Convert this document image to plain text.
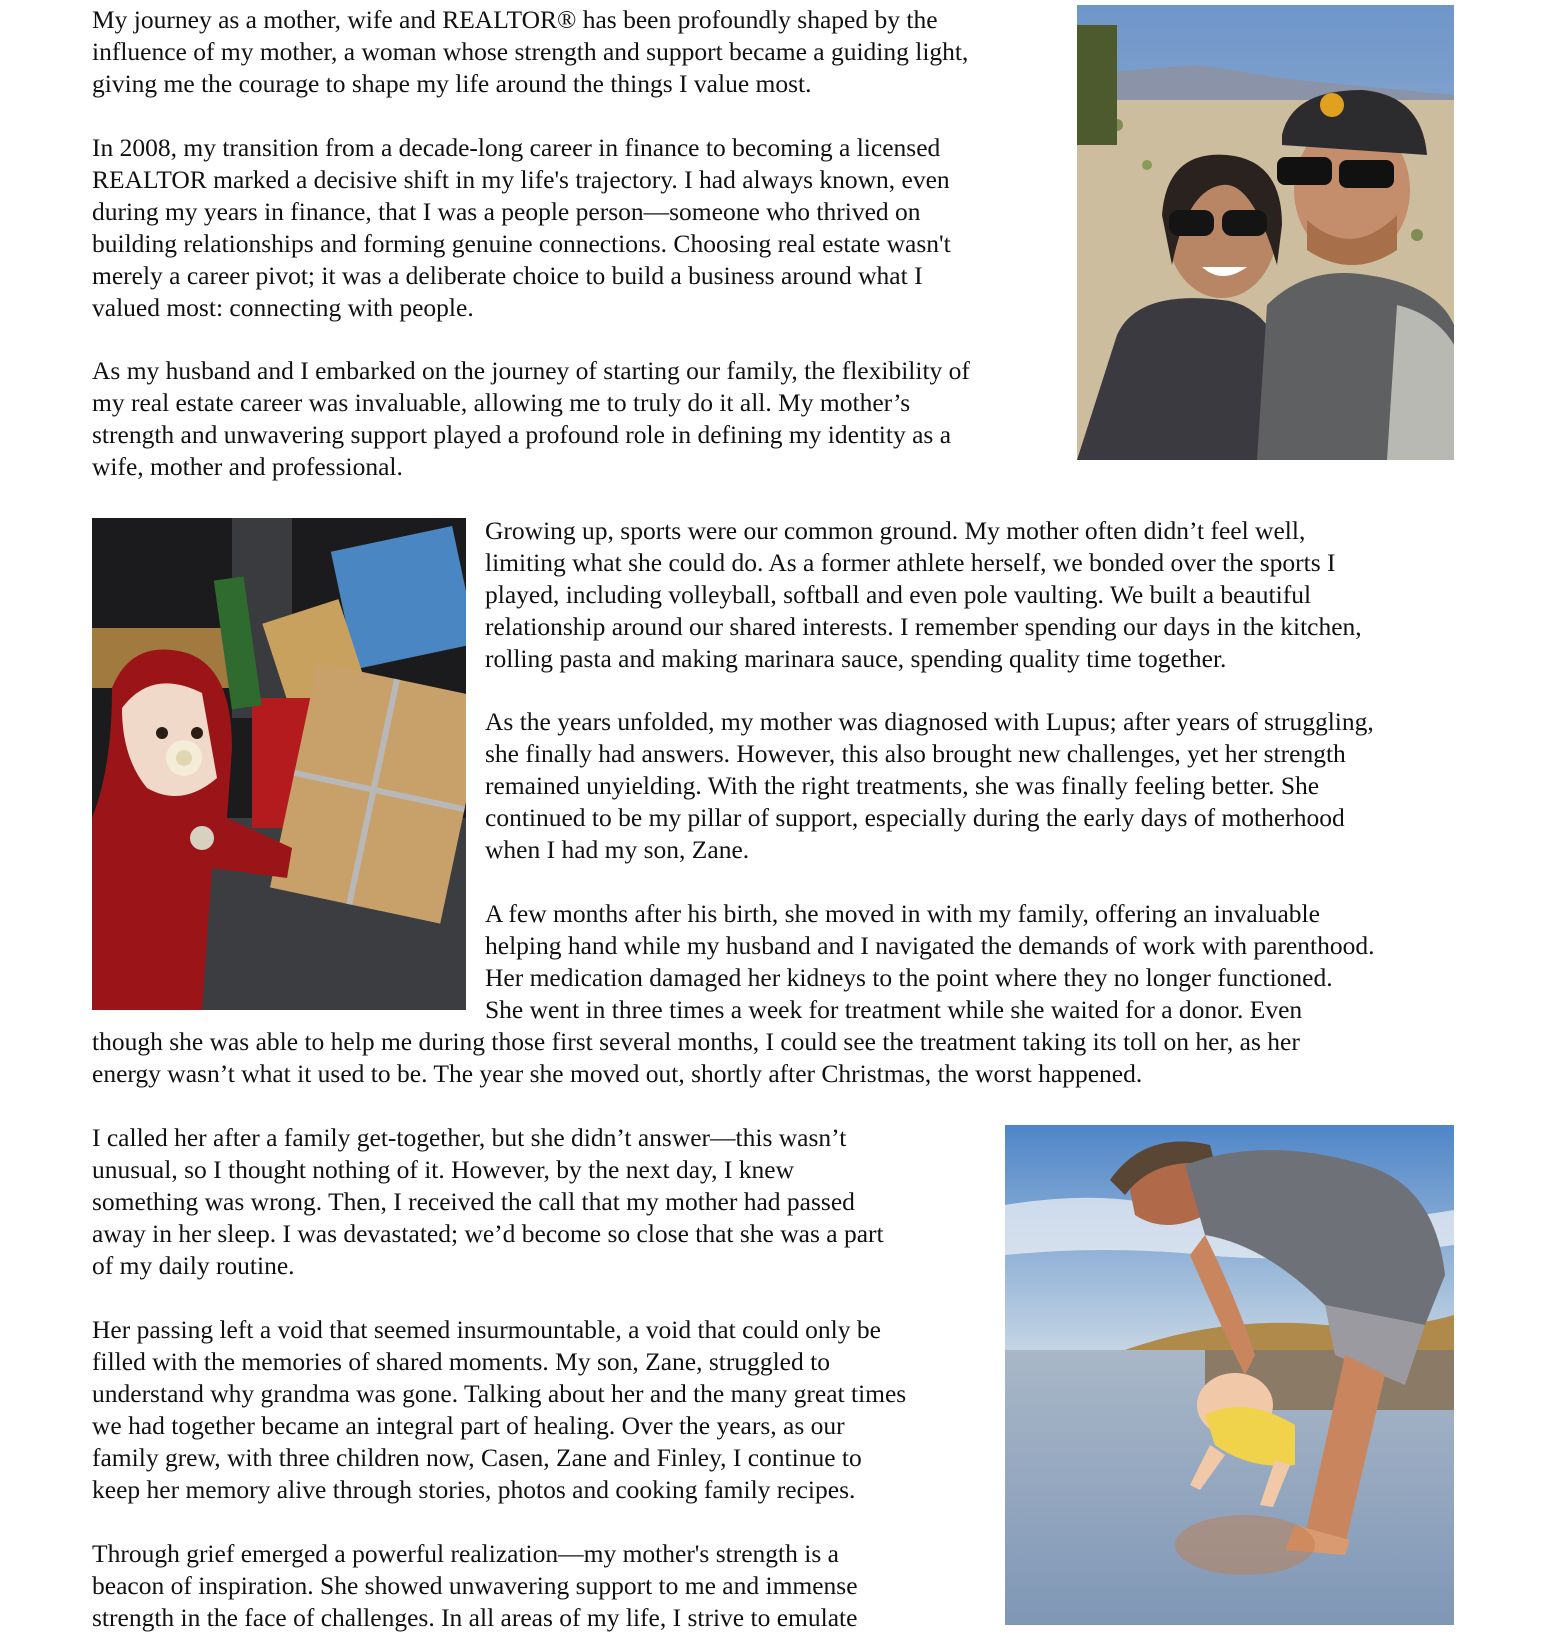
My journey as a mother, wife and REALTOR® has been profoundly shaped by the
influence of my mother, a woman whose strength and support became a guiding light,
giving me the courage to shape my life around the things I value most.

In 2008, my transition from a decade-long career in finance to becoming a licensed
REALTOR marked a decisive shift in my life's trajectory. I had always known, even
during my years in finance, that I was a people person—someone who thrived on
building relationships and forming genuine connections. Choosing real estate wasn't
merely a career pivot; it was a deliberate choice to build a business around what I
valued most: connecting with people.

As my husband and I embarked on the journey of starting our family, the flexibility of
my real estate career was invaluable, allowing me to truly do it all. My mother’s
strength and unwavering support played a profound role in defining my identity as a
wife, mother and professional.

Growing up, sports were our common ground. My mother often didn’t feel well,
limiting what she could do. As a former athlete herself, we bonded over the sports I
played, including volleyball, softball and even pole vaulting. We built a beautiful
relationship around our shared interests. I remember spending our days in the kitchen,
rolling pasta and making marinara sauce, spending quality time together.

As the years unfolded, my mother was diagnosed with Lupus; after years of struggling,
she finally had answers. However, this also brought new challenges, yet her strength
remained unyielding. With the right treatments, she was finally feeling better. She
continued to be my pillar of support, especially during the early days of motherhood
when I had my son, Zane.

A few months after his birth, she moved in with my family, offering an invaluable
helping hand while my husband and I navigated the demands of work with parenthood.
Her medication damaged her kidneys to the point where they no longer functioned.
She went in three times a week for treatment while she waited for a donor. Even

though she was able to help me during those first several months, I could see the treatment taking its toll on her, as her
energy wasn’t what it used to be. The year she moved out, shortly after Christmas, the worst happened.

I called her after a family get-together, but she didn’t answer—this wasn’t
unusual, so I thought nothing of it. However, by the next day, I knew
something was wrong. Then, I received the call that my mother had passed
away in her sleep. I was devastated; we’d become so close that she was a part
of my daily routine.

Her passing left a void that seemed insurmountable, a void that could only be
filled with the memories of shared moments. My son, Zane, struggled to
understand why grandma was gone. Talking about her and the many great times
we had together became an integral part of healing. Over the years, as our
family grew, with three children now, Casen, Zane and Finley, I continue to
keep her memory alive through stories, photos and cooking family recipes.

Through grief emerged a powerful realization—my mother's strength is a
beacon of inspiration. She showed unwavering support to me and immense
strength in the face of challenges. In all areas of my life, I strive to emulate
